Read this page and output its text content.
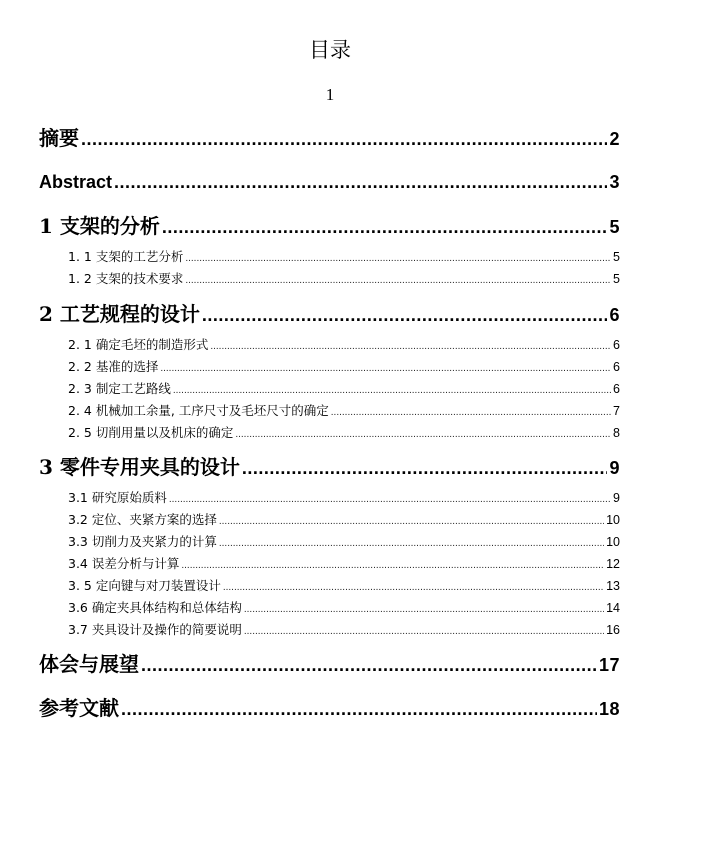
目录
1
摘要 .....	2
Abstract .....	3
1 支架的分析 .....	5
1. 1 支架的工艺分析 .....	5
1. 2 支架的技术要求 .....	5
2 工艺规程的设计 .....	6
2. 1 确定毛坯的制造形式 .....	6
2. 2 基准的选择 .....	6
2. 3 制定工艺路线 .....	6
2. 4 机械加工余量, 工序尺寸及毛坯尺寸的确定 .....	7
2. 5 切削用量以及机床的确定 .....	8
3 零件专用夹具的设计 .....	9
3.1 研究原始质料 .....	9
3.2 定位、夹紧方案的选择 .....	10
3.3 切削力及夹紧力的计算 .....	10
3.4 误差分析与计算 .....	12
3. 5 定向键与对刀装置设计 .....	13
3.6 确定夹具体结构和总体结构 .....	14
3.7 夹具设计及操作的简要说明 .....	16
体会与展望 .....	17
参考文献 .....	18
